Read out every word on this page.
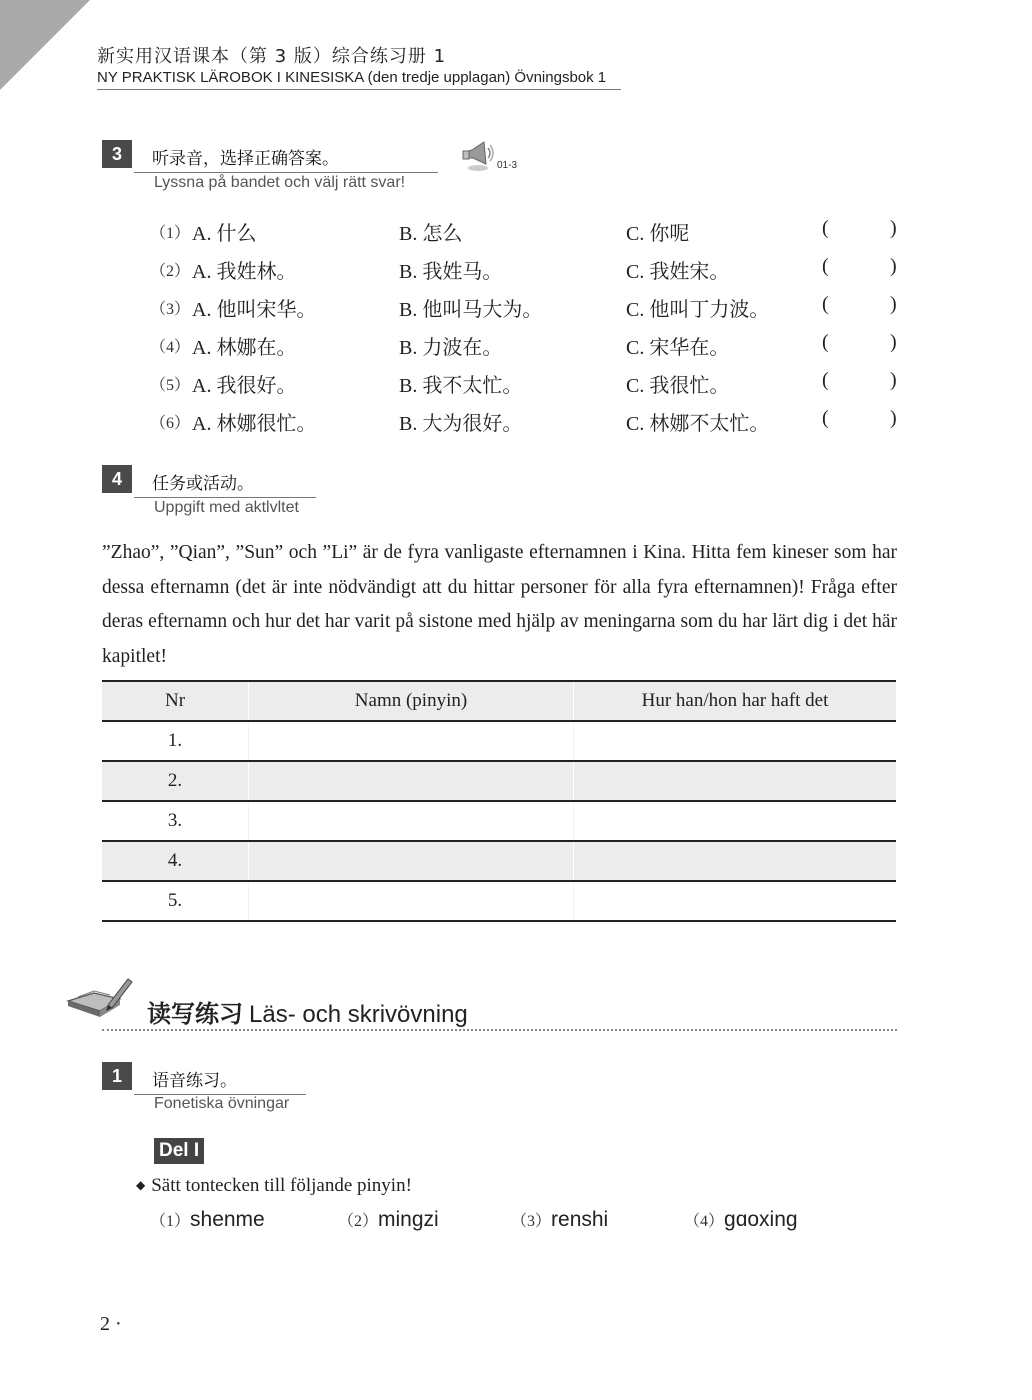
新实用汉语课本（第 3 版）综合练习册 1
NY PRAKTISK LÄROBOK I KINESISKA (den tredje upplagan) Övningsbok 1
3	听录音，选择正确答案。
Lyssna på bandet och välj rätt svar!
01-3
（1） A. 什么	B. 怎么	C. 你呢	(	)
（2） A. 我姓林。	B. 我姓马。	C. 我姓宋。	(	)
（3） A. 他叫宋华。	B. 他叫马大为。	C. 他叫丁力波。	(	)
（4） A. 林娜在。	B. 力波在。	C. 宋华在。	(	)
（5） A. 我很好。	B. 我不太忙。	C. 我很忙。	(	)
（6） A. 林娜很忙。	B. 大为很好。	C. 林娜不太忙。	(	)
4	任务或活动。
Uppgift med aktlvltet
”Zhao”, ”Qian”, ”Sun” och ”Li” är de fyra vanligaste efternamnen i Kina. Hitta fem kineser som har dessa efternamn (det är inte nödvändigt att du hittar personer för alla fyra efternamnen)! Fråga efter deras efternamn och hur det har varit på sistone med hjälp av meningarna som du har lärt dig i det här kapitlet!
Nr	Namn (pinyin)	Hur han/hon har haft det
1.		
2.		
3.		
4.		
5.		
读写练习 Läs- och skrivövning
1	语音练习。
Fonetiska övningar
Del I
◆ Sätt tontecken till följande pinyin!
（1）shenme	（2）mingzi	（3）renshi	（4）gɑoxing
2 ·
